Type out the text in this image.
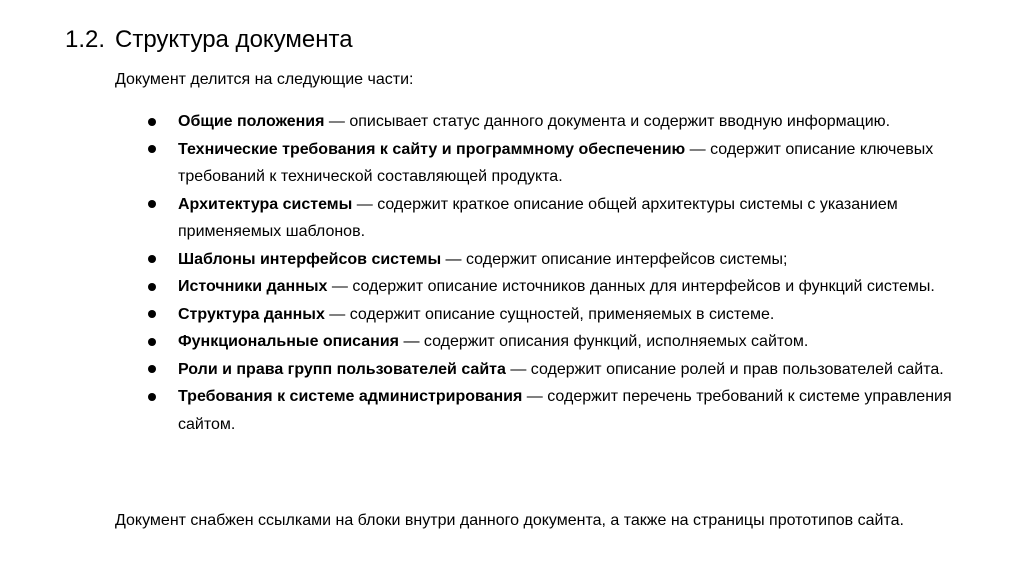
1.2. Структура документа

Документ делится на следующие части:

Общие положения — описывает статус данного документа и содержит вводную информацию.
Технические требования к сайту и программному обеспечению — содержит описание ключевых требований к технической составляющей продукта.
Архитектура системы — содержит краткое описание общей архитектуры системы с указанием применяемых шаблонов.
Шаблоны интерфейсов системы — содержит описание интерфейсов системы;
Источники данных — содержит описание источников данных для интерфейсов и функций системы.
Структура данных — содержит описание сущностей, применяемых в системе.
Функциональные описания — содержит описания функций, исполняемых сайтом.
Роли и права групп пользователей сайта — содержит описание ролей и прав пользователей сайта.
Требования к системе администрирования — содержит перечень требований к системе управления сайтом.

Документ снабжен ссылками на блоки внутри данного документа, а также на страницы прототипов сайта.
